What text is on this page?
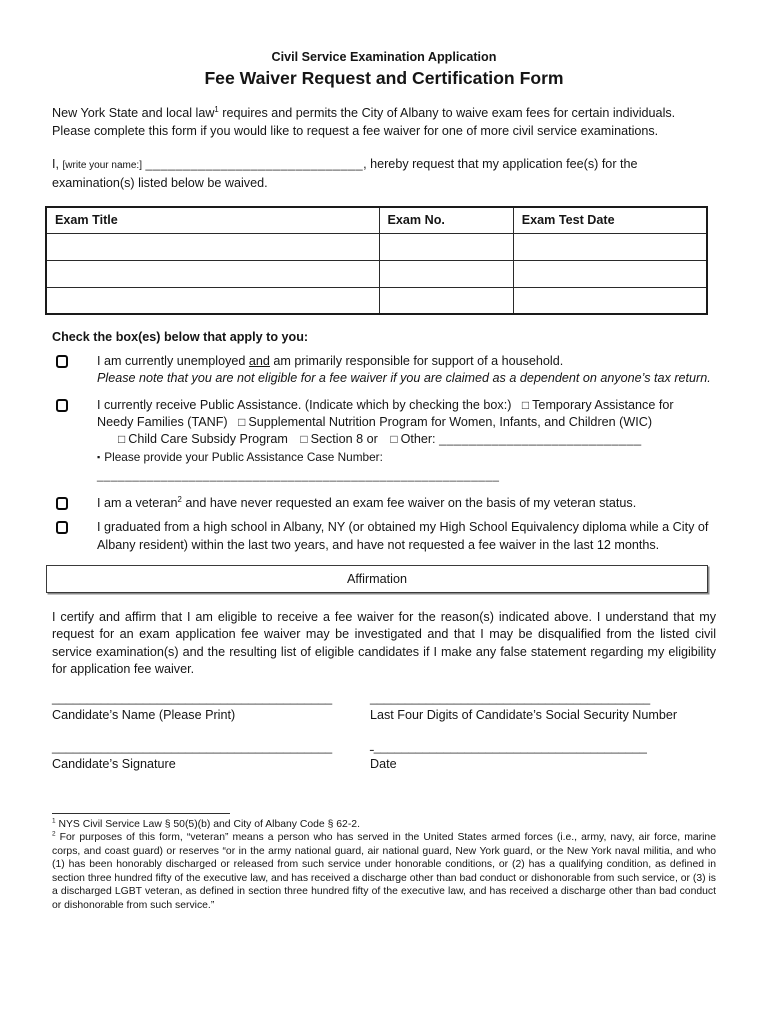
Civil Service Examination Application
Fee Waiver Request and Certification Form

New York State and local law$^1$ requires and permits the City of Albany to waive exam fees for certain individuals. Please complete this form if you would like to request a fee waiver for one of more civil service examinations.

I, [write your name:] _____________________________, hereby request that my application fee(s) for the examination(s) listed below be waived.

Exam Title	Exam No.	Exam Test Date

Check the box(es) below that apply to you:
I am currently unemployed and am primarily responsible for support of a household.
Please note that you are not eligible for a fee waiver if you are claimed as a dependent on anyone’s tax return.
I currently receive Public Assistance. (Indicate which by checking the box:) □ Temporary Assistance for Needy Families (TANF) □ Supplemental Nutrition Program for Women, Infants, and Children (WIC) □ Child Care Subsidy Program □ Section 8 or □ Other: ___________________________
▪ Please provide your Public Assistance Case Number: _________________________________________________________
I am a veteran$^2$ and have never requested an exam fee waiver on the basis of my veteran status.
I graduated from a high school in Albany, NY (or obtained my High School Equivalency diploma while a City of Albany resident) within the last two years, and have not requested a fee waiver in the last 12 months.
Affirmation

I certify and affirm that I am eligible to receive a fee waiver for the reason(s) indicated above. I understand that my request for an exam application fee waiver may be investigated and that I may be disqualified from the listed civil service examination(s) and the resulting list of eligible candidates if I make any false statement regarding my eligibility for application fee waiver.

________________________________________
Candidate’s Name (Please Print)
________________________________________
Last Four Digits of Candidate’s Social Security Number
________________________________________
Candidate’s Signature
ـ_______________________________________
Date
$^1$ NYS Civil Service Law § 50(5)(b) and City of Albany Code § 62-2.
$^2$ For purposes of this form, “veteran” means a person who has served in the United States armed forces (i.e., army, navy, air force, marine corps, and coast guard) or reserves “or in the army national guard, air national guard, New York guard, or the New York naval militia, and who (1) has been honorably discharged or released from such service under honorable conditions, or (2) has a qualifying condition, as defined in section three hundred fifty of the executive law, and has received a discharge other than bad conduct or dishonorable from such service, or (3) is a discharged LGBT veteran, as defined in section three hundred fifty of the executive law, and has received a discharge other than bad conduct or dishonorable from such service.”
